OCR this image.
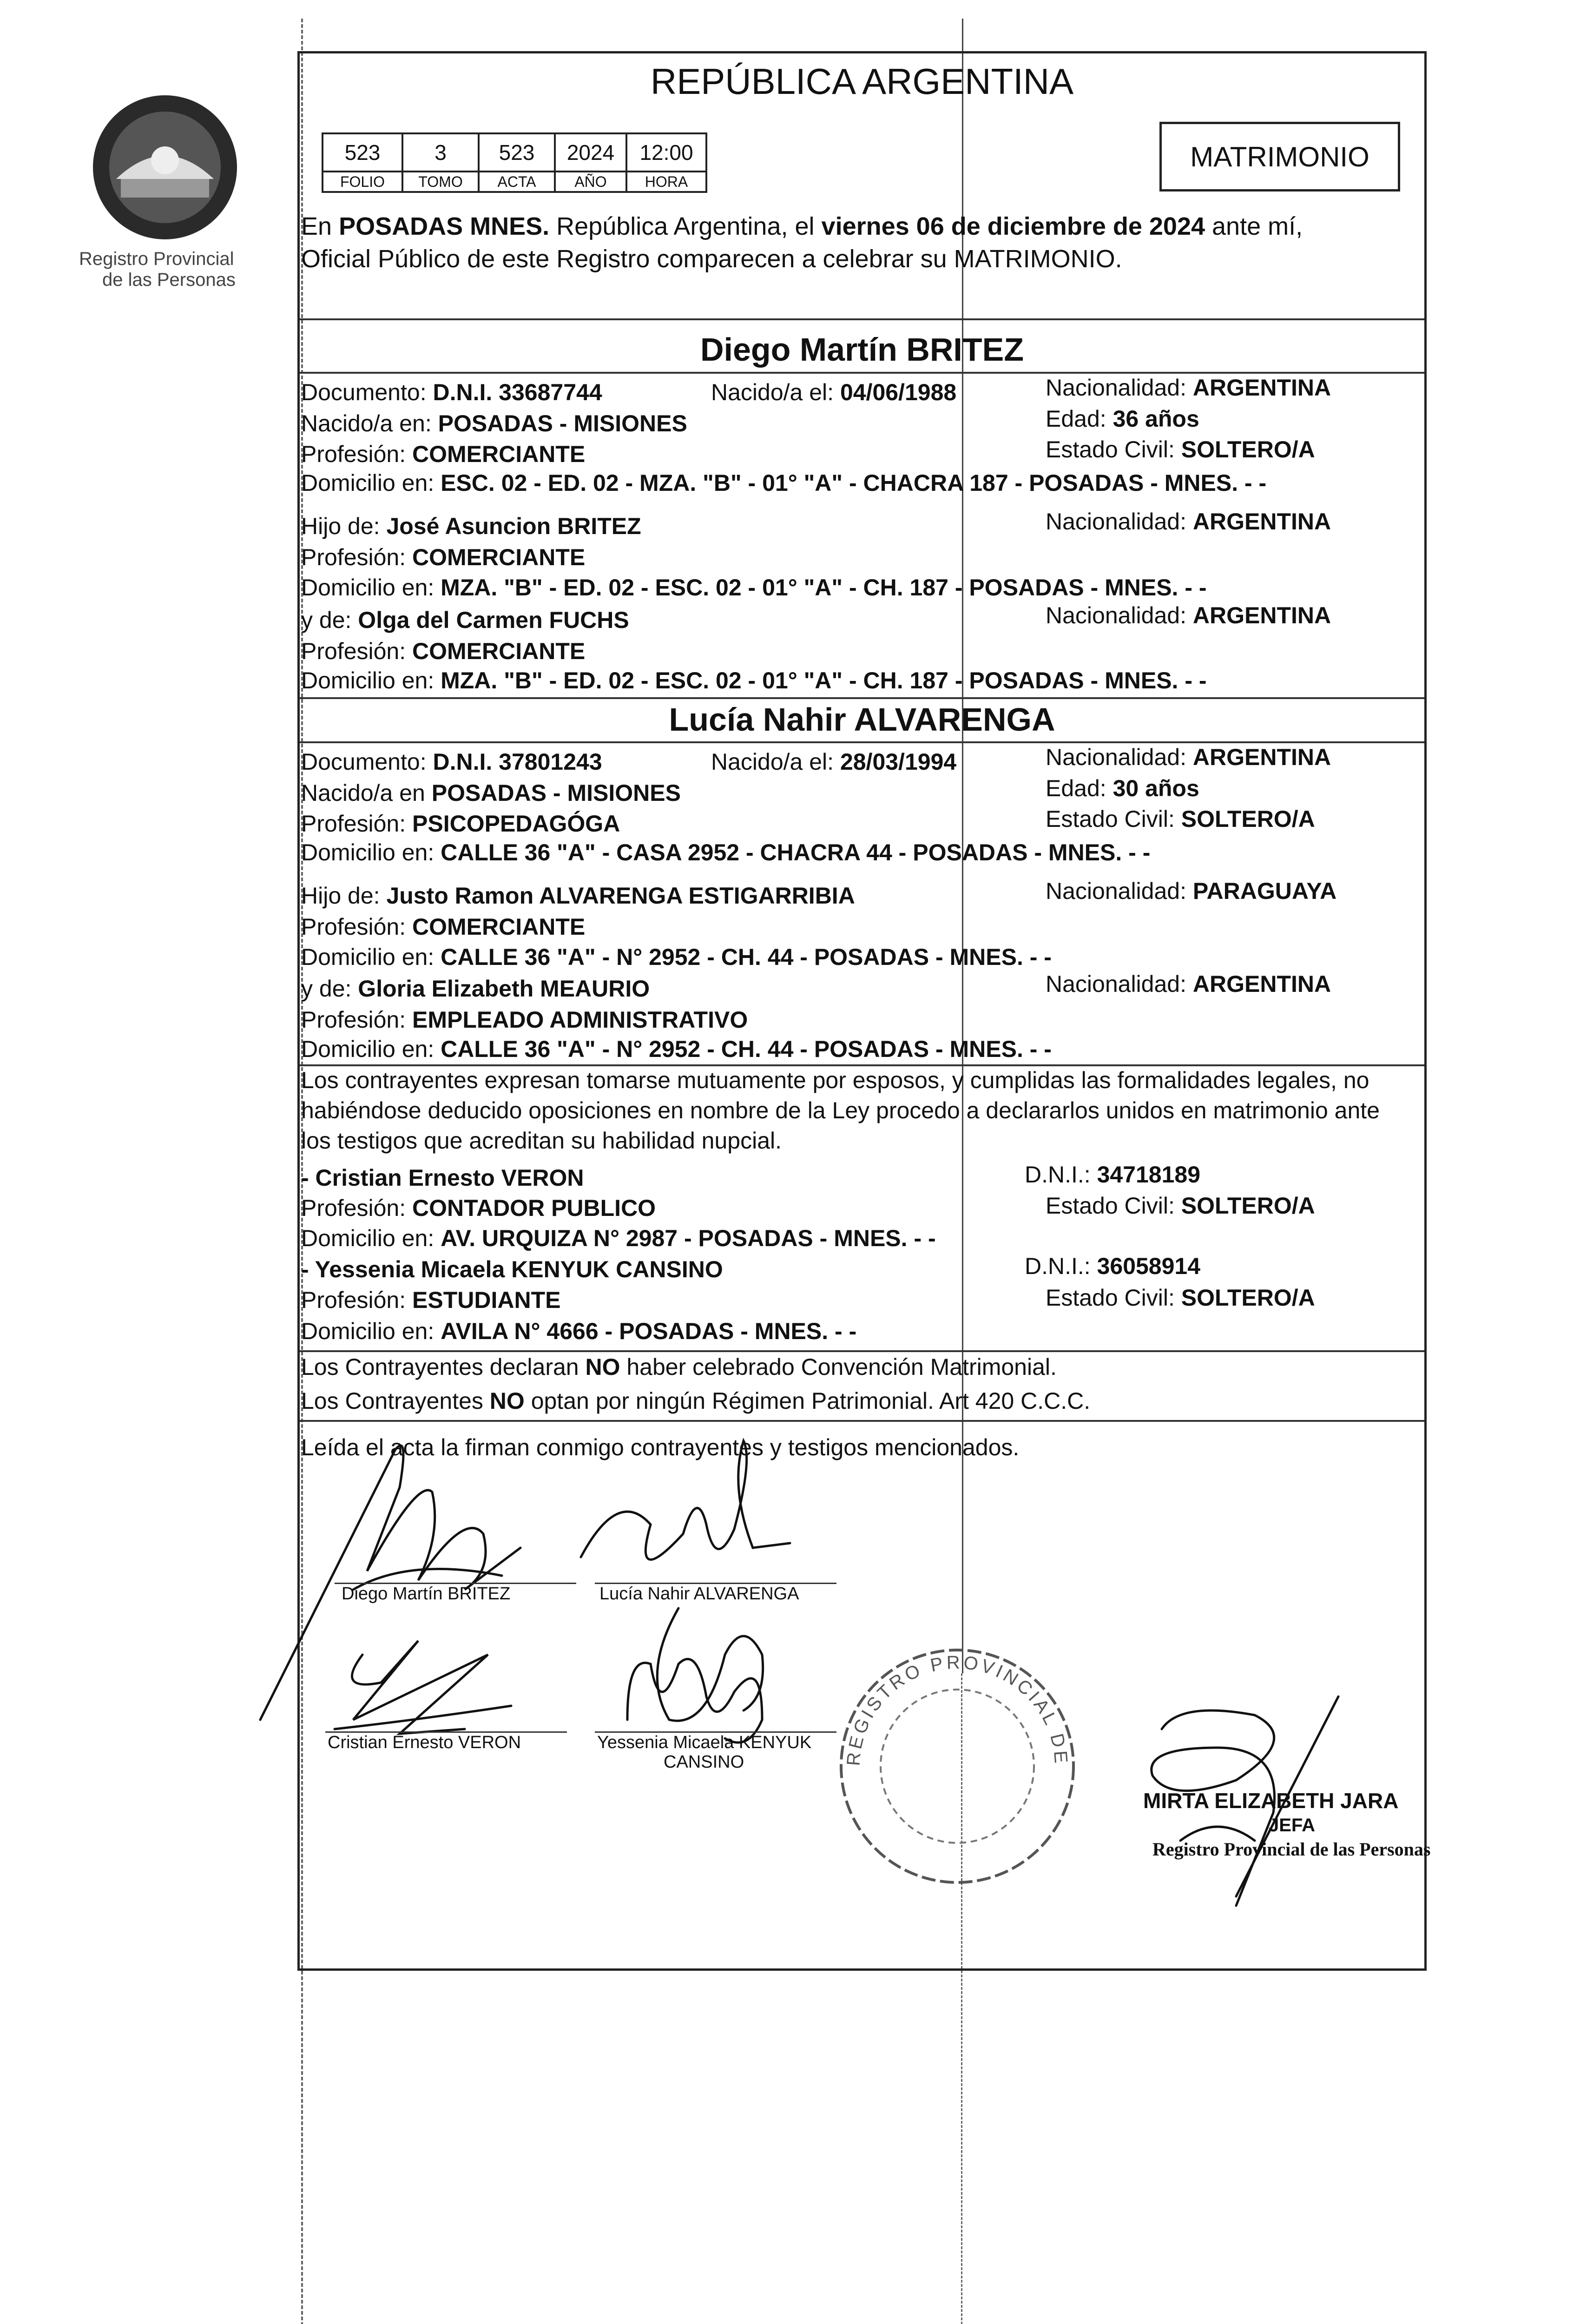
Registro Provincial
de las Personas
REPÚBLICA ARGENTINA
523	3	523	2024	12:00
FOLIO	TOMO	ACTA	AÑO	HORA
MATRIMONIO
En POSADAS MNES. República Argentina, el viernes 06 de diciembre de 2024 ante mí,
Oficial Público de este Registro comparecen a celebrar su MATRIMONIO.
Diego Martín BRITEZ
Documento: D.N.I. 33687744	Nacido/a el: 04/06/1988	Nacionalidad: ARGENTINA
Nacido/a en: POSADAS - MISIONES	Edad: 36 años
Profesión: COMERCIANTE	Estado Civil: SOLTERO/A
Domicilio en: ESC. 02 - ED. 02 - MZA. "B" - 01° "A" - CHACRA 187 - POSADAS - MNES. - -
Hijo de: José Asuncion BRITEZ	Nacionalidad: ARGENTINA
Profesión: COMERCIANTE
Domicilio en: MZA. "B" - ED. 02 - ESC. 02 - 01° "A" - CH. 187 - POSADAS - MNES. - -
y de: Olga del Carmen FUCHS	Nacionalidad: ARGENTINA
Profesión: COMERCIANTE
Domicilio en: MZA. "B" - ED. 02 - ESC. 02 - 01° "A" - CH. 187 - POSADAS - MNES. - -
Lucía Nahir ALVARENGA
Documento: D.N.I. 37801243	Nacido/a el: 28/03/1994	Nacionalidad: ARGENTINA
Nacido/a en POSADAS - MISIONES	Edad: 30 años
Profesión: PSICOPEDAGÓGA	Estado Civil: SOLTERO/A
Domicilio en: CALLE 36 "A" - CASA 2952 - CHACRA 44 - POSADAS - MNES. - -
Hijo de: Justo Ramon ALVARENGA ESTIGARRIBIA	Nacionalidad: PARAGUAYA
Profesión: COMERCIANTE
Domicilio en: CALLE 36 "A" - N° 2952 - CH. 44 - POSADAS - MNES. - -
y de: Gloria Elizabeth MEAURIO	Nacionalidad: ARGENTINA
Profesión: EMPLEADO ADMINISTRATIVO
Domicilio en: CALLE 36 "A" - N° 2952 - CH. 44 - POSADAS - MNES. - -
Los contrayentes expresan tomarse mutuamente por esposos, y cumplidas las formalidades legales, no
habiéndose deducido oposiciones en nombre de la Ley procedo a declararlos unidos en matrimonio ante
los testigos que acreditan su habilidad nupcial.
- Cristian Ernesto VERON	D.N.I.: 34718189
Profesión: CONTADOR PUBLICO	Estado Civil: SOLTERO/A
Domicilio en: AV. URQUIZA N° 2987 - POSADAS - MNES. - -
- Yessenia Micaela KENYUK CANSINO	D.N.I.: 36058914
Profesión: ESTUDIANTE	Estado Civil: SOLTERO/A
Domicilio en: AVILA N° 4666 - POSADAS - MNES. - -
Los Contrayentes declaran NO haber celebrado Convención Matrimonial.
Los Contrayentes NO optan por ningún Régimen Patrimonial. Art 420 C.C.C.
Leída el acta la firman conmigo contrayentes y testigos mencionados.
Diego Martín BRITEZ	Lucía Nahir ALVARENGA
Cristian Ernesto VERON	Yessenia Micaela KENYUK
CANSINO	REGISTRO PROVINCIAL DE
MIRTA ELIZABETH JARA
JEFA
Registro Provincial de las Personas
